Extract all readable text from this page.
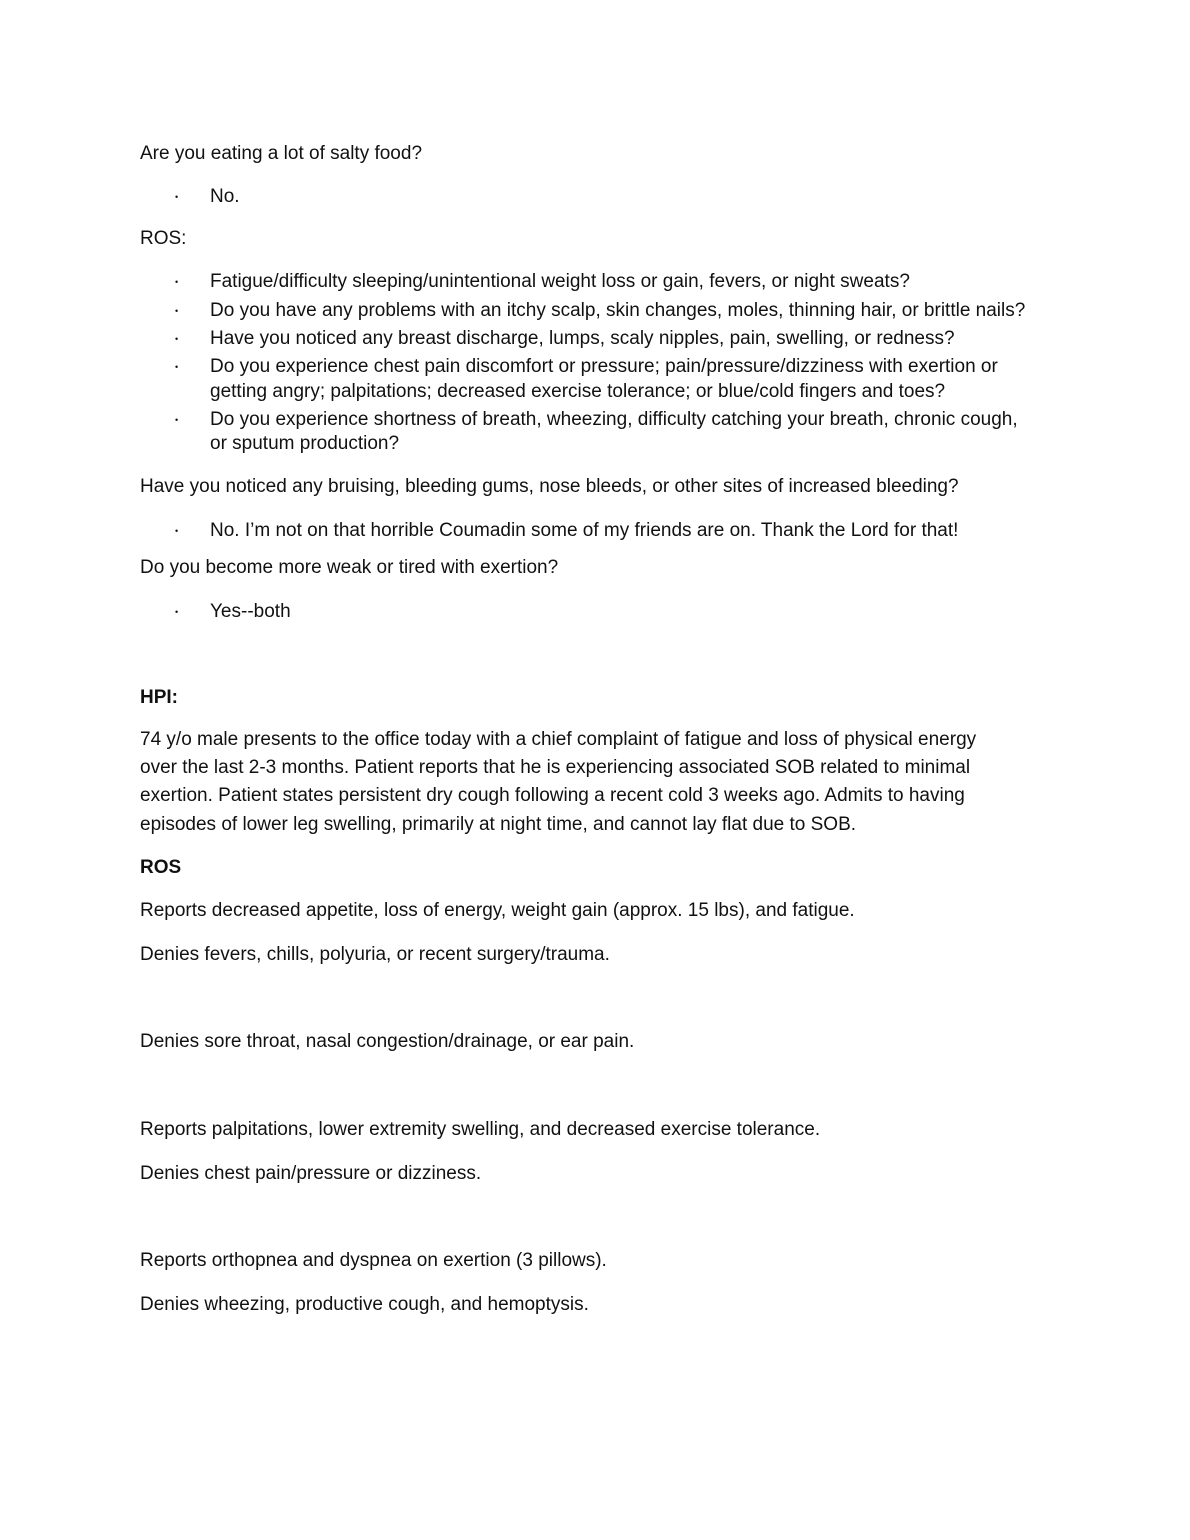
Are you eating a lot of salty food?
• No.
ROS:
• Fatigue/difficulty sleeping/unintentional weight loss or gain, fevers, or night sweats?
• Do you have any problems with an itchy scalp, skin changes, moles, thinning hair, or brittle nails?
• Have you noticed any breast discharge, lumps, scaly nipples, pain, swelling, or redness?
• Do you experience chest pain discomfort or pressure; pain/pressure/dizziness with exertion or
getting angry; palpitations; decreased exercise tolerance; or blue/cold fingers and toes?
• Do you experience shortness of breath, wheezing, difficulty catching your breath, chronic cough,
or sputum production?
Have you noticed any bruising, bleeding gums, nose bleeds, or other sites of increased bleeding?
• No. I’m not on that horrible Coumadin some of my friends are on. Thank the Lord for that!
Do you become more weak or tired with exertion?
• Yes--both
HPI:
74 y/o male presents to the office today with a chief complaint of fatigue and loss of physical energy
over the last 2-3 months. Patient reports that he is experiencing associated SOB related to minimal
exertion. Patient states persistent dry cough following a recent cold 3 weeks ago. Admits to having
episodes of lower leg swelling, primarily at night time, and cannot lay flat due to SOB.
ROS
Reports decreased appetite, loss of energy, weight gain (approx. 15 lbs), and fatigue.
Denies fevers, chills, polyuria, or recent surgery/trauma.
Denies sore throat, nasal congestion/drainage, or ear pain.
Reports palpitations, lower extremity swelling, and decreased exercise tolerance.
Denies chest pain/pressure or dizziness.
Reports orthopnea and dyspnea on exertion (3 pillows).
Denies wheezing, productive cough, and hemoptysis.
